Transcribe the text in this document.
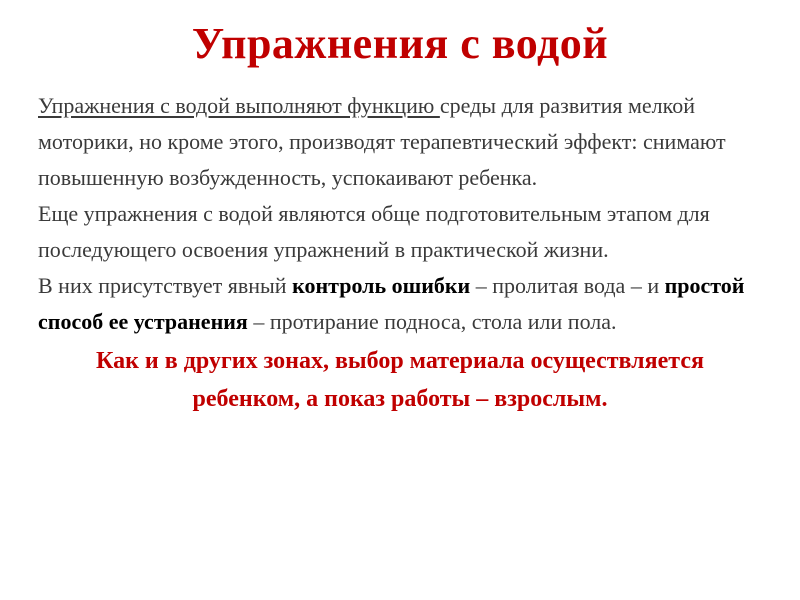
Упражнения с водой

Упражнения с водой выполняют функцию среды для развития мелкой моторики, но кроме этого, производят терапевтический эффект: снимают повышенную возбужденность, успокаивают ребенка.

Еще упражнения с водой являются обще подготовительным этапом для последующего освоения упражнений в практической жизни.

В них присутствует явный контроль ошибки – пролитая вода – и простой способ ее устранения – протирание подноса, стола или пола.

Как и в других зонах, выбор материала осуществляется ребенком, а показ работы – взрослым.
